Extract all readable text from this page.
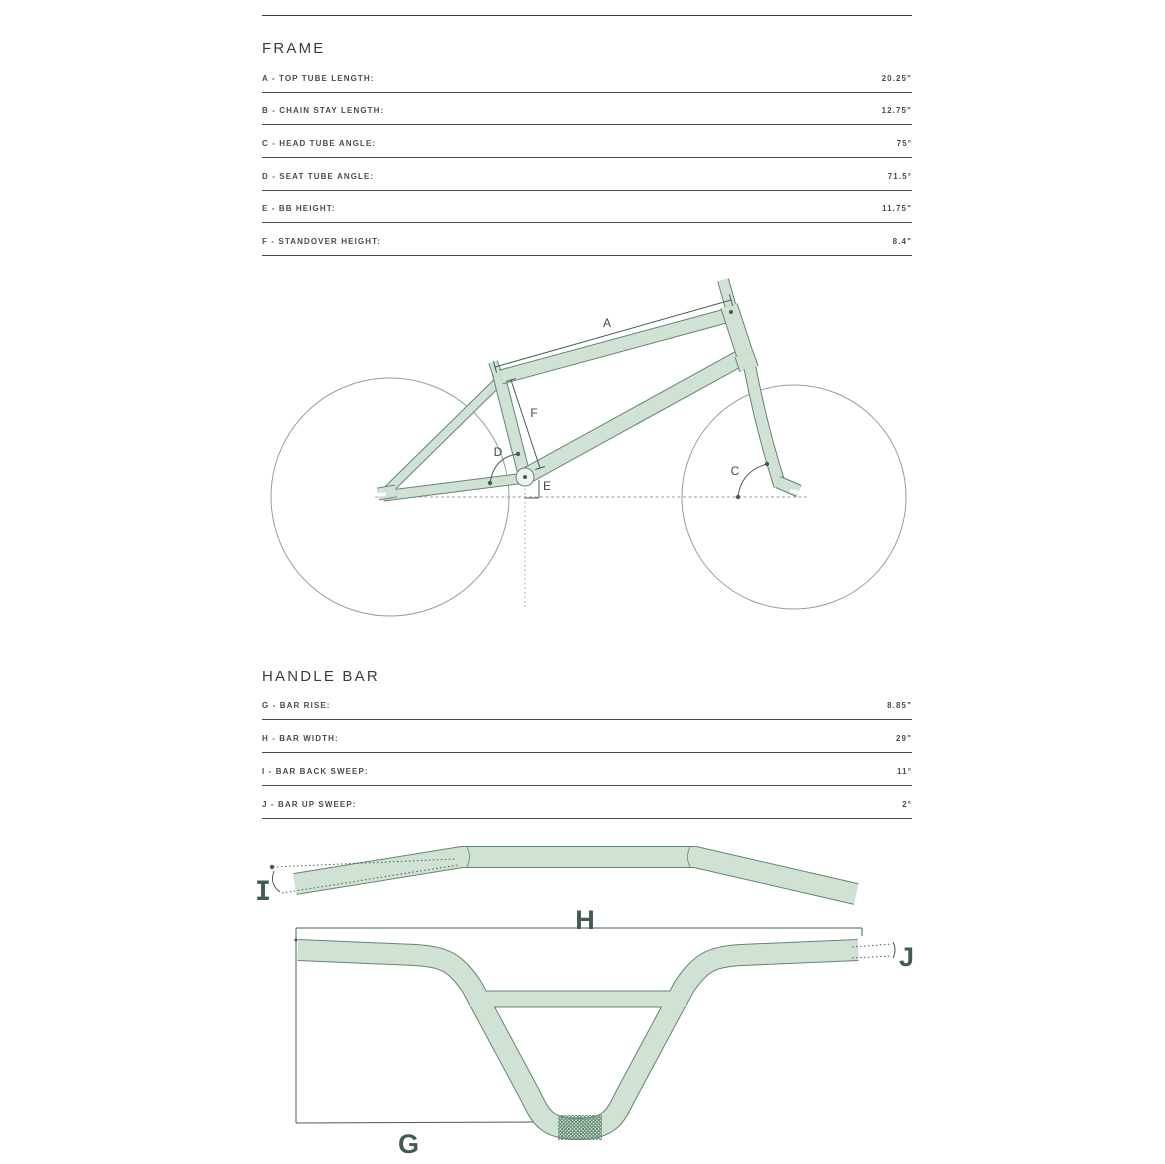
FRAME
A - TOP TUBE LENGTH:	20.25"
B - CHAIN STAY LENGTH:	12.75"
C - HEAD TUBE ANGLE:	75°
D - SEAT TUBE ANGLE:	71.5°
E - BB HEIGHT:	11.75"
F - STANDOVER HEIGHT:	8.4"
A
F
D
E
C
HANDLE BAR
G - BAR RISE:	8.85"
H - BAR WIDTH:	29"
I - BAR BACK SWEEP:	11°
J - BAR UP SWEEP:	2°
I
H
G
J
